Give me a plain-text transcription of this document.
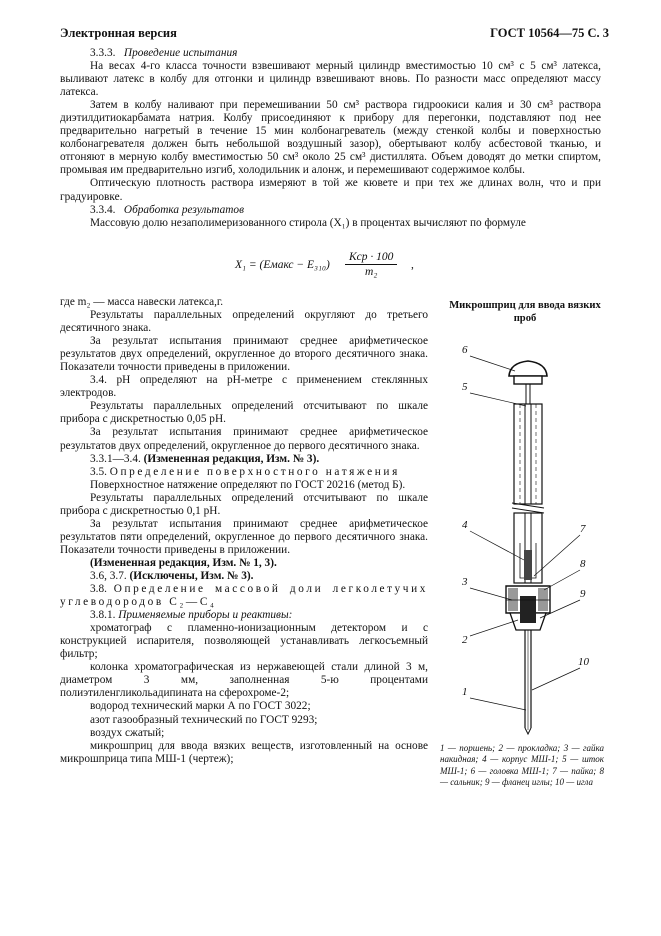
Электронная версия	ГОСТ 10564—75 С. 3

3.3.3. Проведение испытания

На весах 4-го класса точности взвешивают мерный цилиндр вместимостью 10 см³ с 5 см³ латекса, выливают латекс в колбу для отгонки и цилиндр взвешивают вновь. По разности масс определяют массу латекса.

Затем в колбу наливают при перемешивании 50 см³ раствора гидроокиси калия и 30 см³ раствора диэтилдитиокарбамата натрия. Колбу присоединяют к прибору для перегонки, подставляют под нее предварительно нагретый в течение 15 мин колбонагреватель (между стенкой колбы и поверхностью колбонагревателя должен быть небольшой воздушный зазор), обертывают колбу асбестовой тканью, и отгоняют в мерную колбу вместимостью 50 см³ около 25 см³ дистиллята. Объем доводят до метки спиртом, промывая им предварительно изгиб, холодильник и алонж, и перемешивают содержимое колбы.

Оптическую плотность раствора измеряют в той же кювете и при тех же длинах волн, что и при градуировке.

3.3.4. Обработка результатов

Массовую долю незаполимеризованного стирола (X₁) в процентах вычисляют по формуле

X₁ = (Eмакс − E₃₁₀)
Kср · 100
m₂
,

где m₂ — масса навески латекса,г.

Результаты параллельных определений округляют до третьего десятичного знака.

За результат испытания принимают среднее арифметическое результатов двух определений, округленное до второго десятичного знака. Показатели точности приведены в приложении.

3.4. pH определяют на pH-метре с применением стеклянных электродов.

Результаты параллельных определений отсчитывают по шкале прибора с дискретностью 0,05 pH.

За результат испытания принимают среднее арифметическое результатов двух определений, округленное до первого десятичного знака.

3.3.1—3.4. (Измененная редакция, Изм. № 3).

3.5. Определение поверхностного натяжения

Поверхностное натяжение определяют по ГОСТ 20216 (метод Б).

Результаты параллельных определений отсчитывают по шкале прибора с дискретностью 0,1 pH.

За результат испытания принимают среднее арифметическое результатов пяти определений, округленное до первого десятичного знака. Показатели точности приведены в приложении.

(Измененная редакция, Изм. № 1, 3).

3.6, 3.7. (Исключены, Изм. № 3).

3.8. Определение массовой доли легколетучих углеводородов C₂—C₄

3.8.1. Применяемые приборы и реактивы:

хроматограф с пламенно-ионизационным детектором и с конструкцией испарителя, позволяющей устанавливать легкосъемный фильтр;

колонка хроматографическая из нержавеющей стали длиной 3 м, диаметром 3 мм, заполненная 5-ю процентами полиэтиленгликольадипината на сферохроме-2;

водород технический марки А по ГОСТ 3022;

азот газообразный технический по ГОСТ 9293;

воздух сжатый;

микрошприц для ввода вязких веществ, изготовленный на основе микрошприца типа МШ-1 (чертеж);

Микрошприц для ввода вязких проб
6
5
4	7
8
3
9
2
10
1
1 — поршень; 2 — прокладка; 3 — гайка накидная; 4 — корпус МШ-1; 5 — шток МШ-1; 6 — головка МШ-1; 7 — пайка; 8 — сальник; 9 — фланец иглы; 10 — игла
